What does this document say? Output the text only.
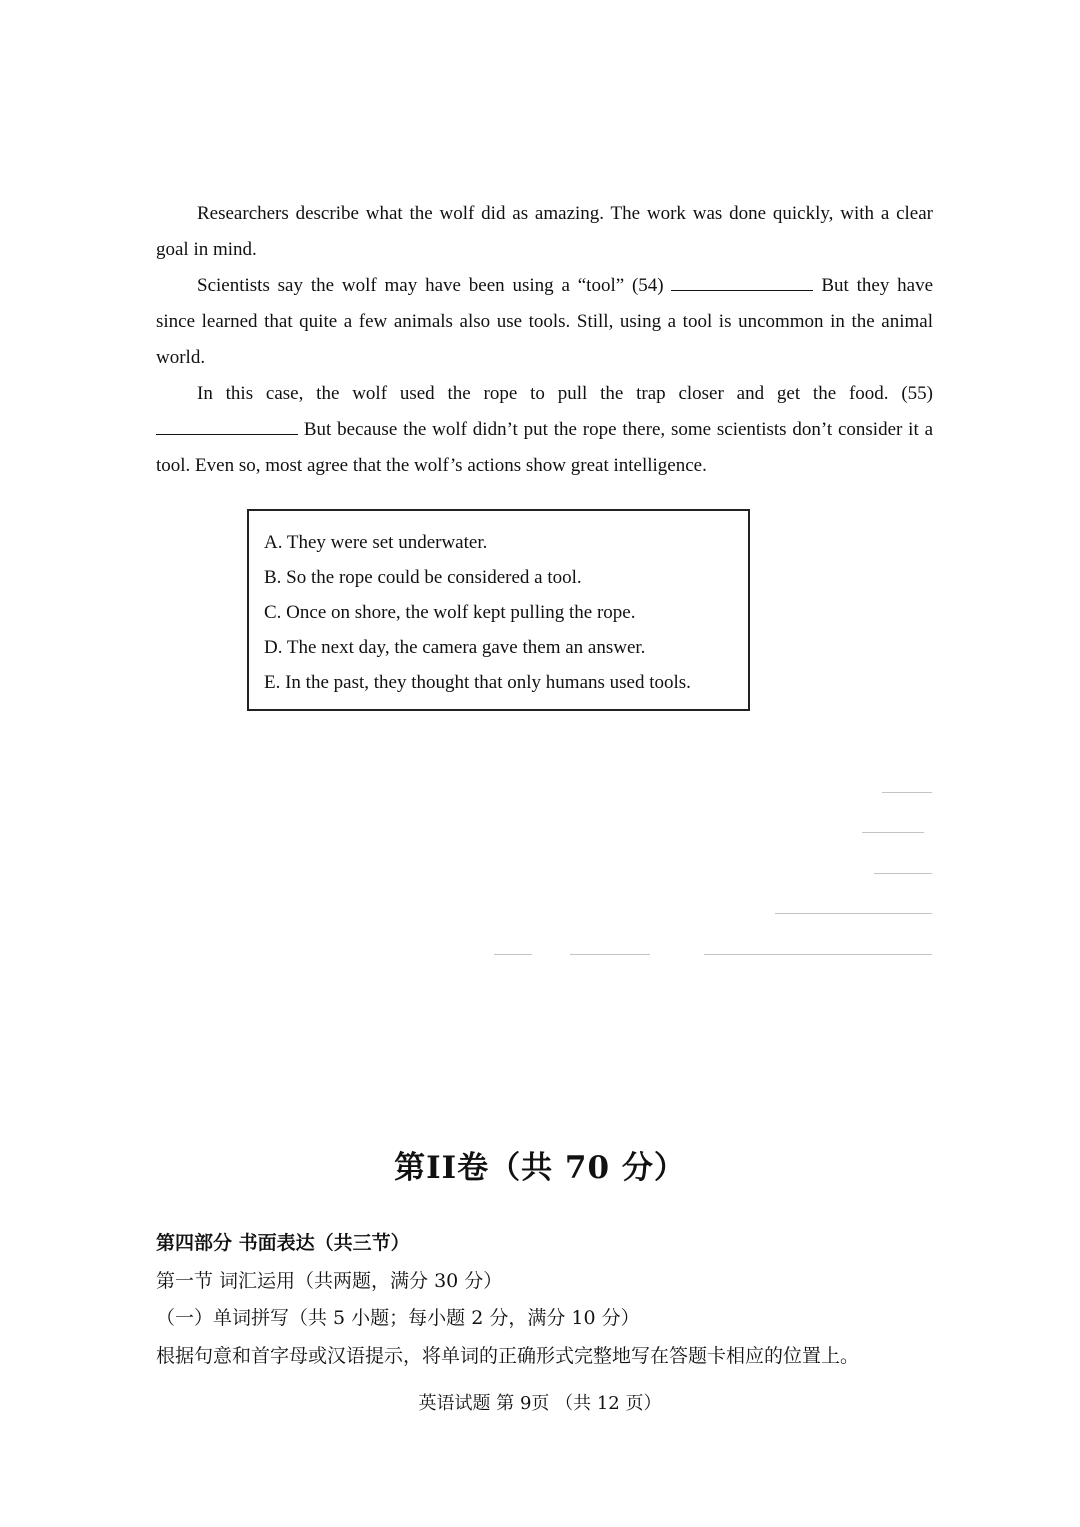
Researchers describe what the wolf did as amazing. The work was done quickly, with a clear goal in mind.

Scientists say the wolf may have been using a “tool” (54)	But they have since learned that quite a few animals also use tools. Still, using a tool is uncommon in the animal world.

In this case, the wolf used the rope to pull the trap closer and get the food. (55)  But because the wolf didn’t put the rope there, some scientists don’t consider it a tool. Even so, most agree that the wolf’s actions show great intelligence.

A. They were set underwater.
B. So the rope could be considered a tool.
C. Once on shore, the wolf kept pulling the rope.
D. The next day, the camera gave them an answer.
E. In the past, they thought that only humans used tools.
第II卷（共 70 分）
第四部分 书面表达（共三节）
第一节 词汇运用（共两题，满分 30 分）
（一）单词拼写（共 5 小题；每小题 2 分，满分 10 分）
根据句意和首字母或汉语提示，将单词的正确形式完整地写在答题卡相应的位置上。
英语试题 第 9页 （共 12 页）
